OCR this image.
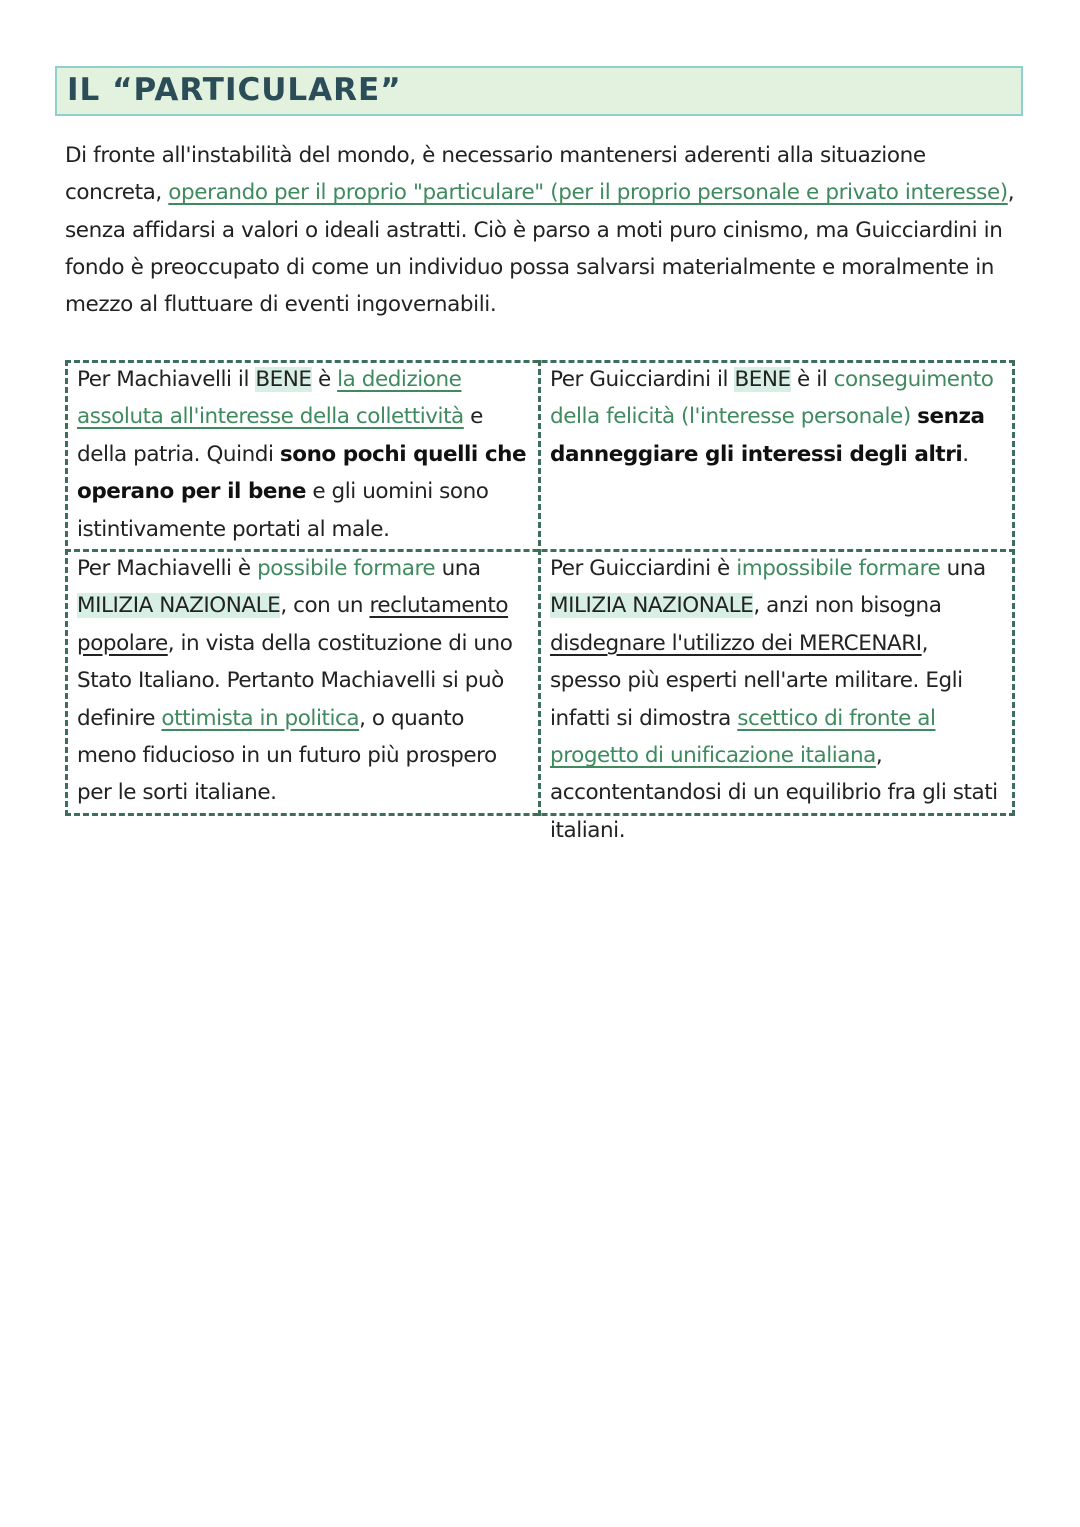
IL “PARTICULARE”
Di fronte all'instabilità del mondo, è necessario mantenersi aderenti alla situazione concreta, operando per il proprio "particulare" (per il proprio personale e privato interesse), senza affidarsi a valori o ideali astratti. Ciò è parso a moti puro cinismo, ma Guicciardini in fondo è preoccupato di come un individuo possa salvarsi materialmente e moralmente in mezzo al fluttuare di eventi ingovernabili.
Per Machiavelli il BENE è la dedizione assoluta all'interesse della collettività e della patria. Quindi sono pochi quelli che operano per il bene e gli uomini sono istintivamente portati al male.
Per Guicciardini il BENE è il conseguimento della felicità (l'interesse personale) senza danneggiare gli interessi degli altri.
Per Machiavelli è possibile formare una MILIZIA NAZIONALE, con un reclutamento popolare, in vista della costituzione di uno Stato Italiano. Pertanto Machiavelli si può definire ottimista in politica, o quanto meno fiducioso in un futuro più prospero per le sorti italiane.
Per Guicciardini è impossibile formare una MILIZIA NAZIONALE, anzi non bisogna disdegnare l'utilizzo dei MERCENARI, spesso più esperti nell'arte militare. Egli infatti si dimostra scettico di fronte al progetto di unificazione italiana, accontentandosi di un equilibrio fra gli stati italiani.
